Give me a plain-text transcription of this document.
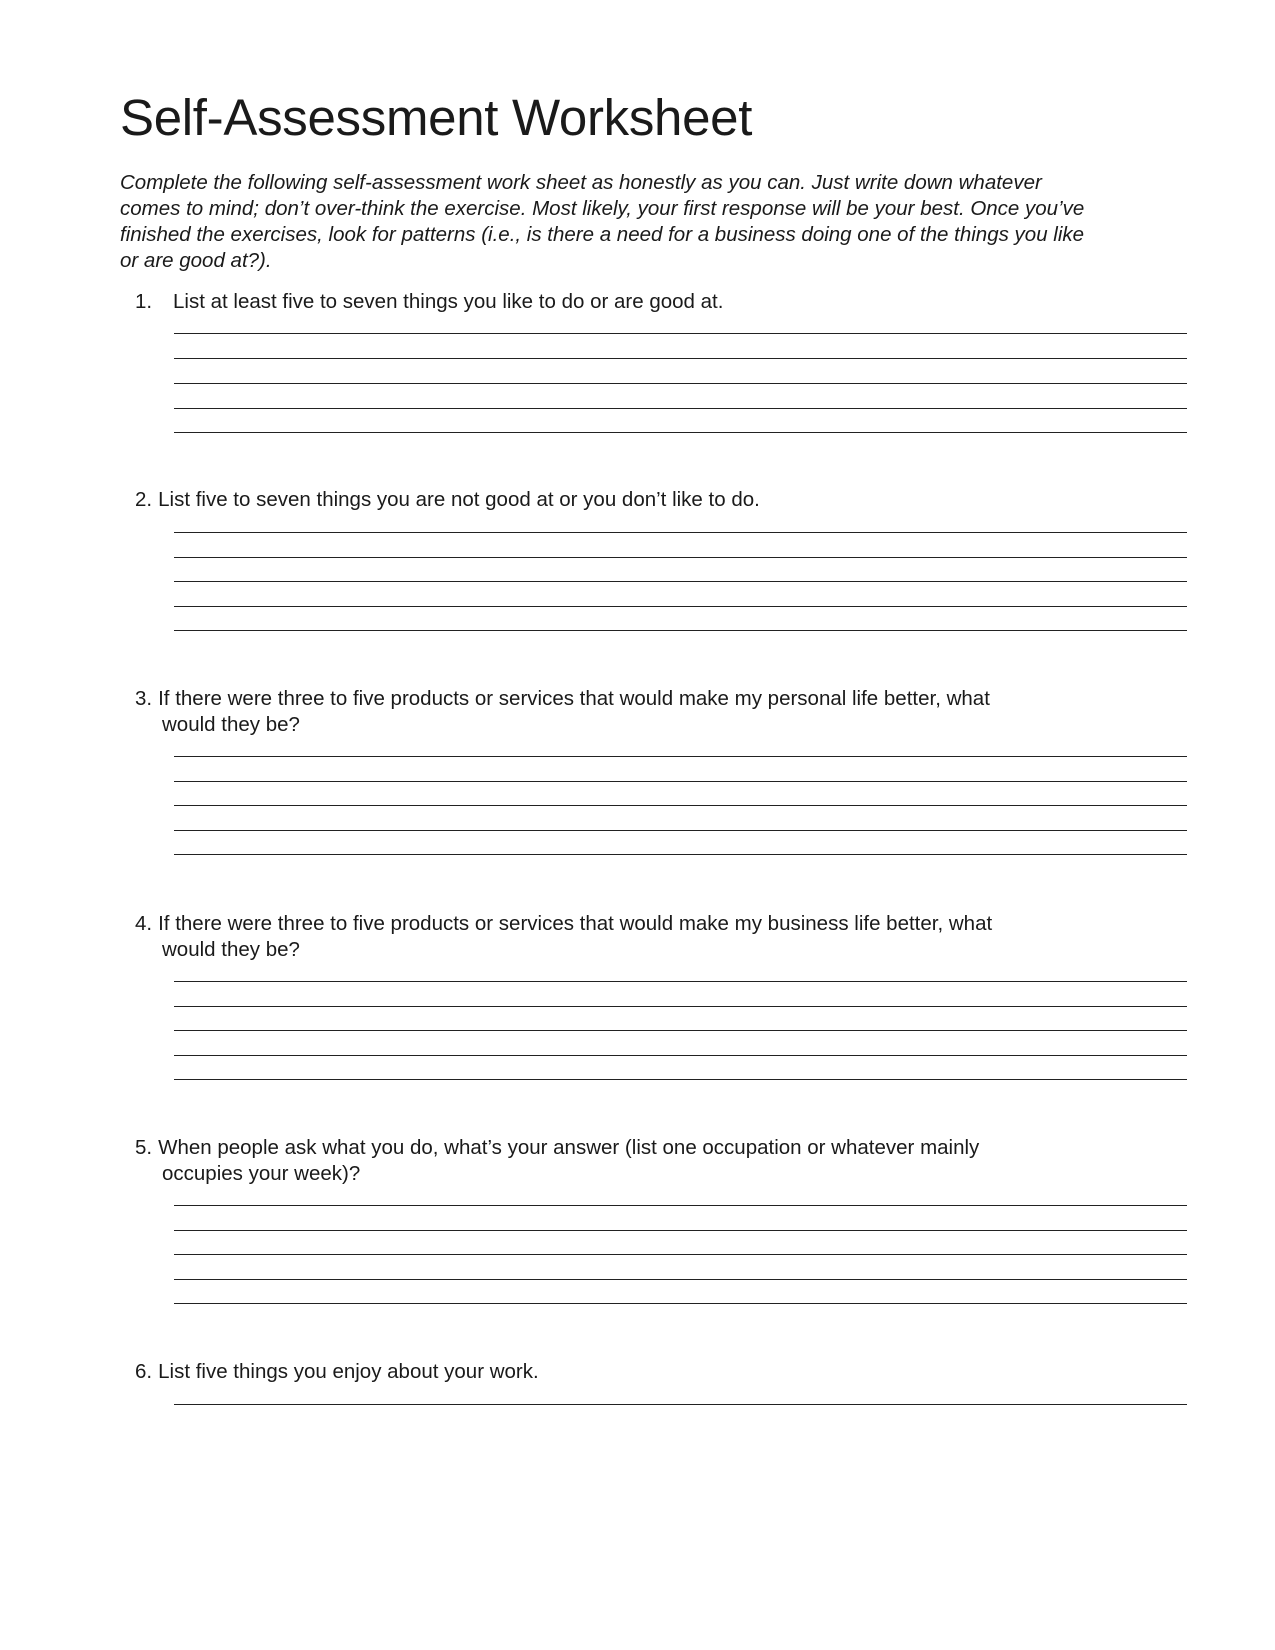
Self-Assessment Worksheet

Complete the following self-assessment work sheet as honestly as you can. Just write down whatever
comes to mind; don’t over-think the exercise. Most likely, your first response will be your best. Once you’ve
finished the exercises, look for patterns (i.e., is there a need for a business doing one of the things you like
or are good at?).

1. List at least five to seven things you like to do or are good at.
2. List five to seven things you are not good at or you don’t like to do.
3. If there were three to five products or services that would make my personal life better, what
would they be?
4. If there were three to five products or services that would make my business life better, what
would they be?
5. When people ask what you do, what’s your answer (list one occupation or whatever mainly
occupies your week)?
6. List five things you enjoy about your work.
